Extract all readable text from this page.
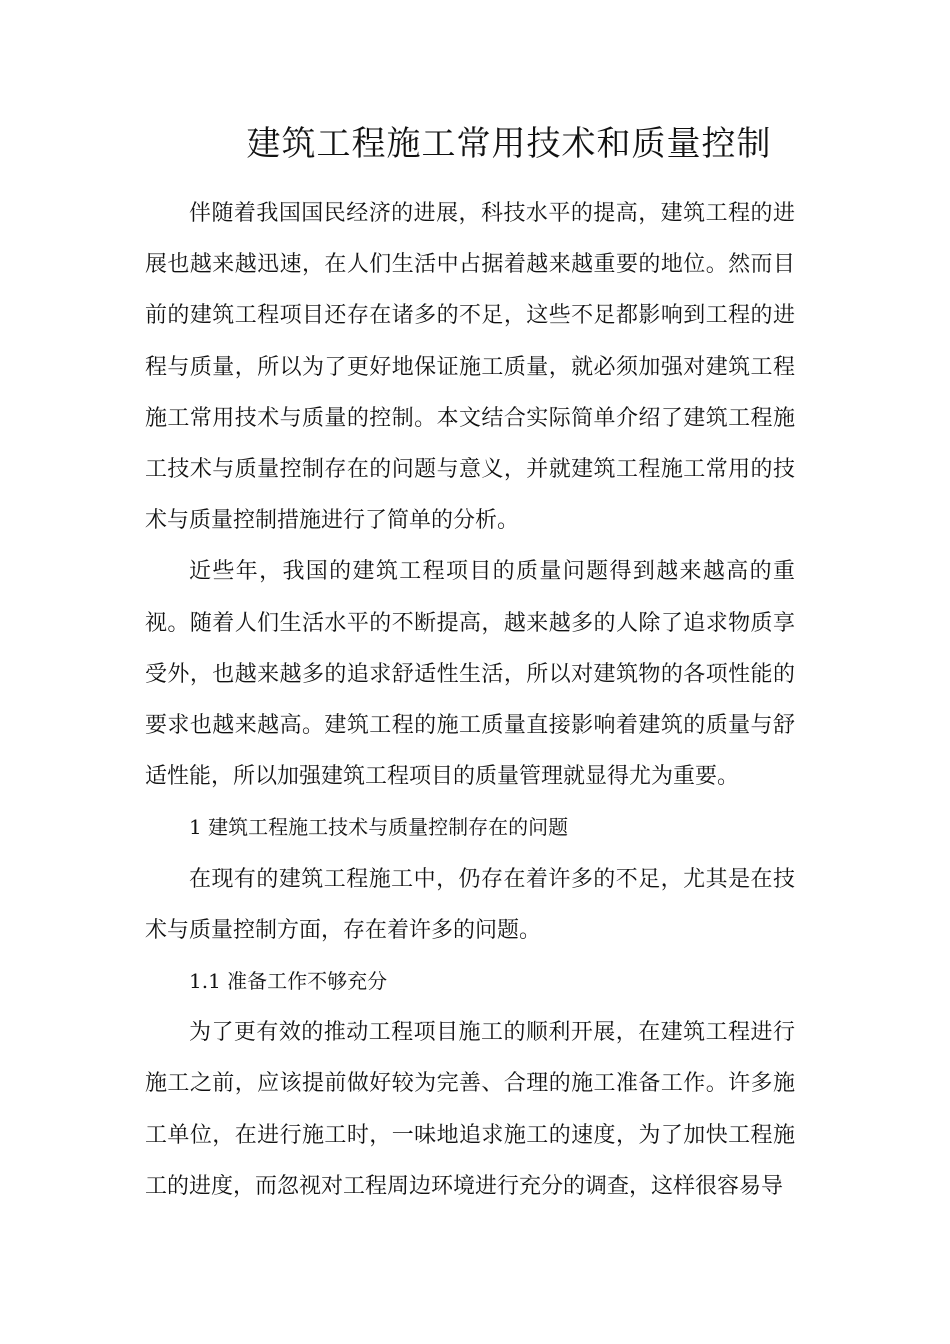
建筑工程施工常用技术和质量控制

伴随着我国国民经济的进展，科技水平的提高，建筑工程的进展也越来越迅速，在人们生活中占据着越来越重要的地位。然而目前的建筑工程项目还存在诸多的不足，这些不足都影响到工程的进程与质量，所以为了更好地保证施工质量，就必须加强对建筑工程施工常用技术与质量的控制。本文结合实际简单介绍了建筑工程施工技术与质量控制存在的问题与意义，并就建筑工程施工常用的技术与质量控制措施进行了简单的分析。

近些年，我国的建筑工程项目的质量问题得到越来越高的重视。随着人们生活水平的不断提高，越来越多的人除了追求物质享受外，也越来越多的追求舒适性生活，所以对建筑物的各项性能的要求也越来越高。建筑工程的施工质量直接影响着建筑的质量与舒适性能，所以加强建筑工程项目的质量管理就显得尤为重要。

1 建筑工程施工技术与质量控制存在的问题

在现有的建筑工程施工中，仍存在着许多的不足，尤其是在技术与质量控制方面，存在着许多的问题。

1.1 准备工作不够充分

为了更有效的推动工程项目施工的顺利开展，在建筑工程进行施工之前，应该提前做好较为完善、合理的施工准备工作。许多施工单位，在进行施工时，一味地追求施工的速度，为了加快工程施工的进度，而忽视对工程周边环境进行充分的调查，这样很容易导
